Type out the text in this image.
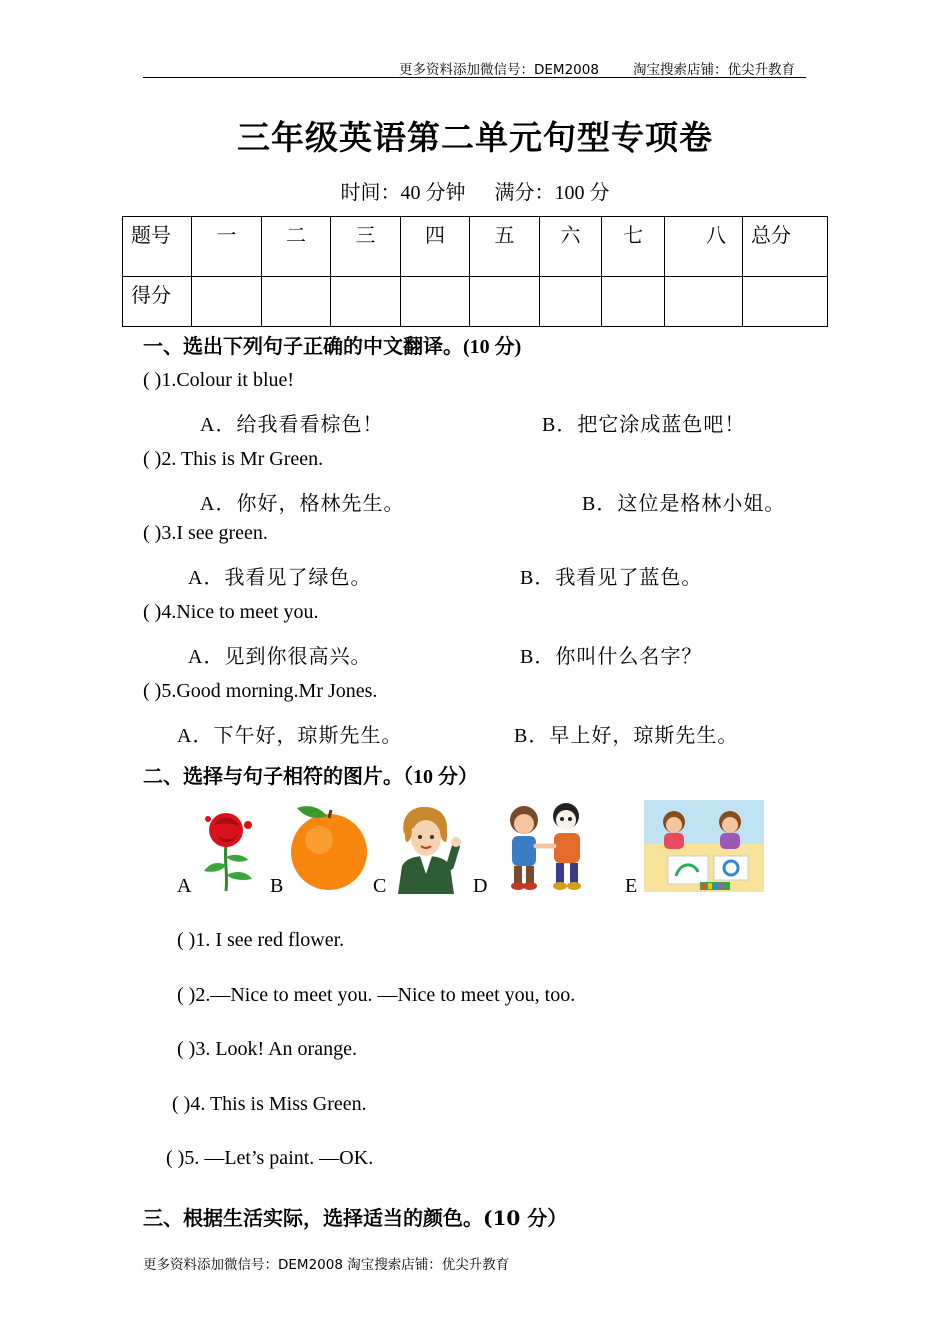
更多资料添加微信号：DEM2008	淘宝搜索店铺：优尖升教育
三年级英语第二单元句型专项卷
时间：40 分钟 满分：100 分
题号	一	二	三	四	五	六	七	八	总分
得分									
一、选出下列句子正确的中文翻译。(10 分)
( )1.Colour it blue!
A．给我看看棕色！	B．把它涂成蓝色吧！
( )2. This is Mr Green.
A．你好，格林先生。	B．这位是格林小姐。
( )3.I see green.
A．我看见了绿色。	B．我看见了蓝色。
( )4.Nice to meet you.
A．见到你很高兴。	B．你叫什么名字？
( )5.Good morning.Mr Jones.
A．下午好，琼斯先生。	B．早上好，琼斯先生。
二、选择与句子相符的图片。（10 分）
A	B	C	D	E
( )1. I see red flower.
( )2.—Nice to meet you. —Nice to meet you, too.
( )3. Look! An orange.
( )4. This is Miss Green.
( )5. —Let’s paint. —OK.
三、根据生活实际，选择适当的颜色。(10 分）
更多资料添加微信号：DEM2008 淘宝搜索店铺：优尖升教育
